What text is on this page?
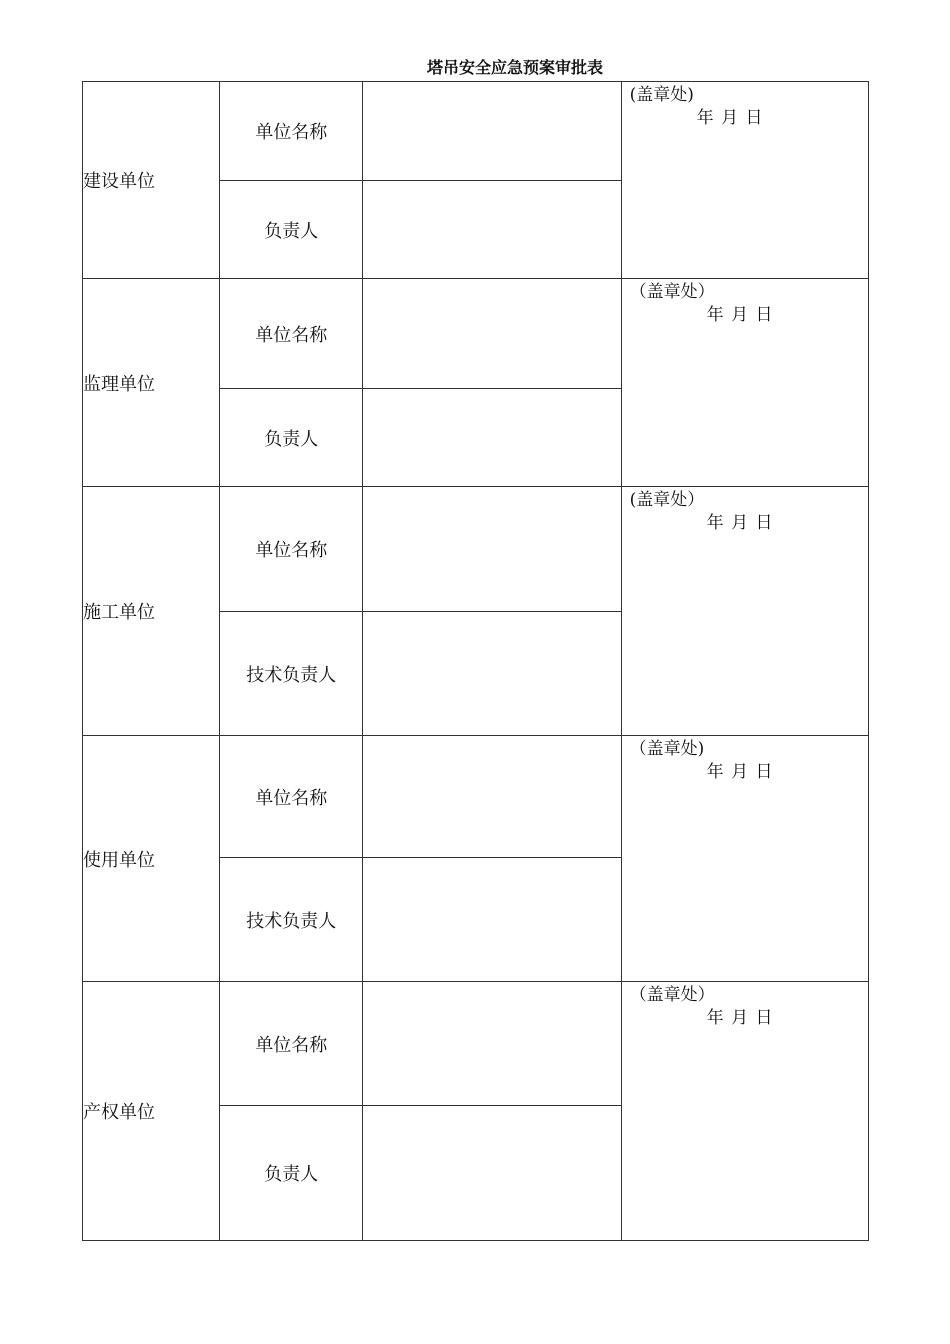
塔吊安全应急预案审批表
建设单位	单位名称		(盖章处)
年 月 日

	负责人		
监理单位	单位名称		（盖章处）
年 月 日

	负责人		
施工单位	单位名称		(盖章处）
年 月 日

	技术负责人		
使用单位	单位名称		（盖章处)
年 月 日

	技术负责人		
产权单位	单位名称		（盖章处）
年 月 日

	负责人		
